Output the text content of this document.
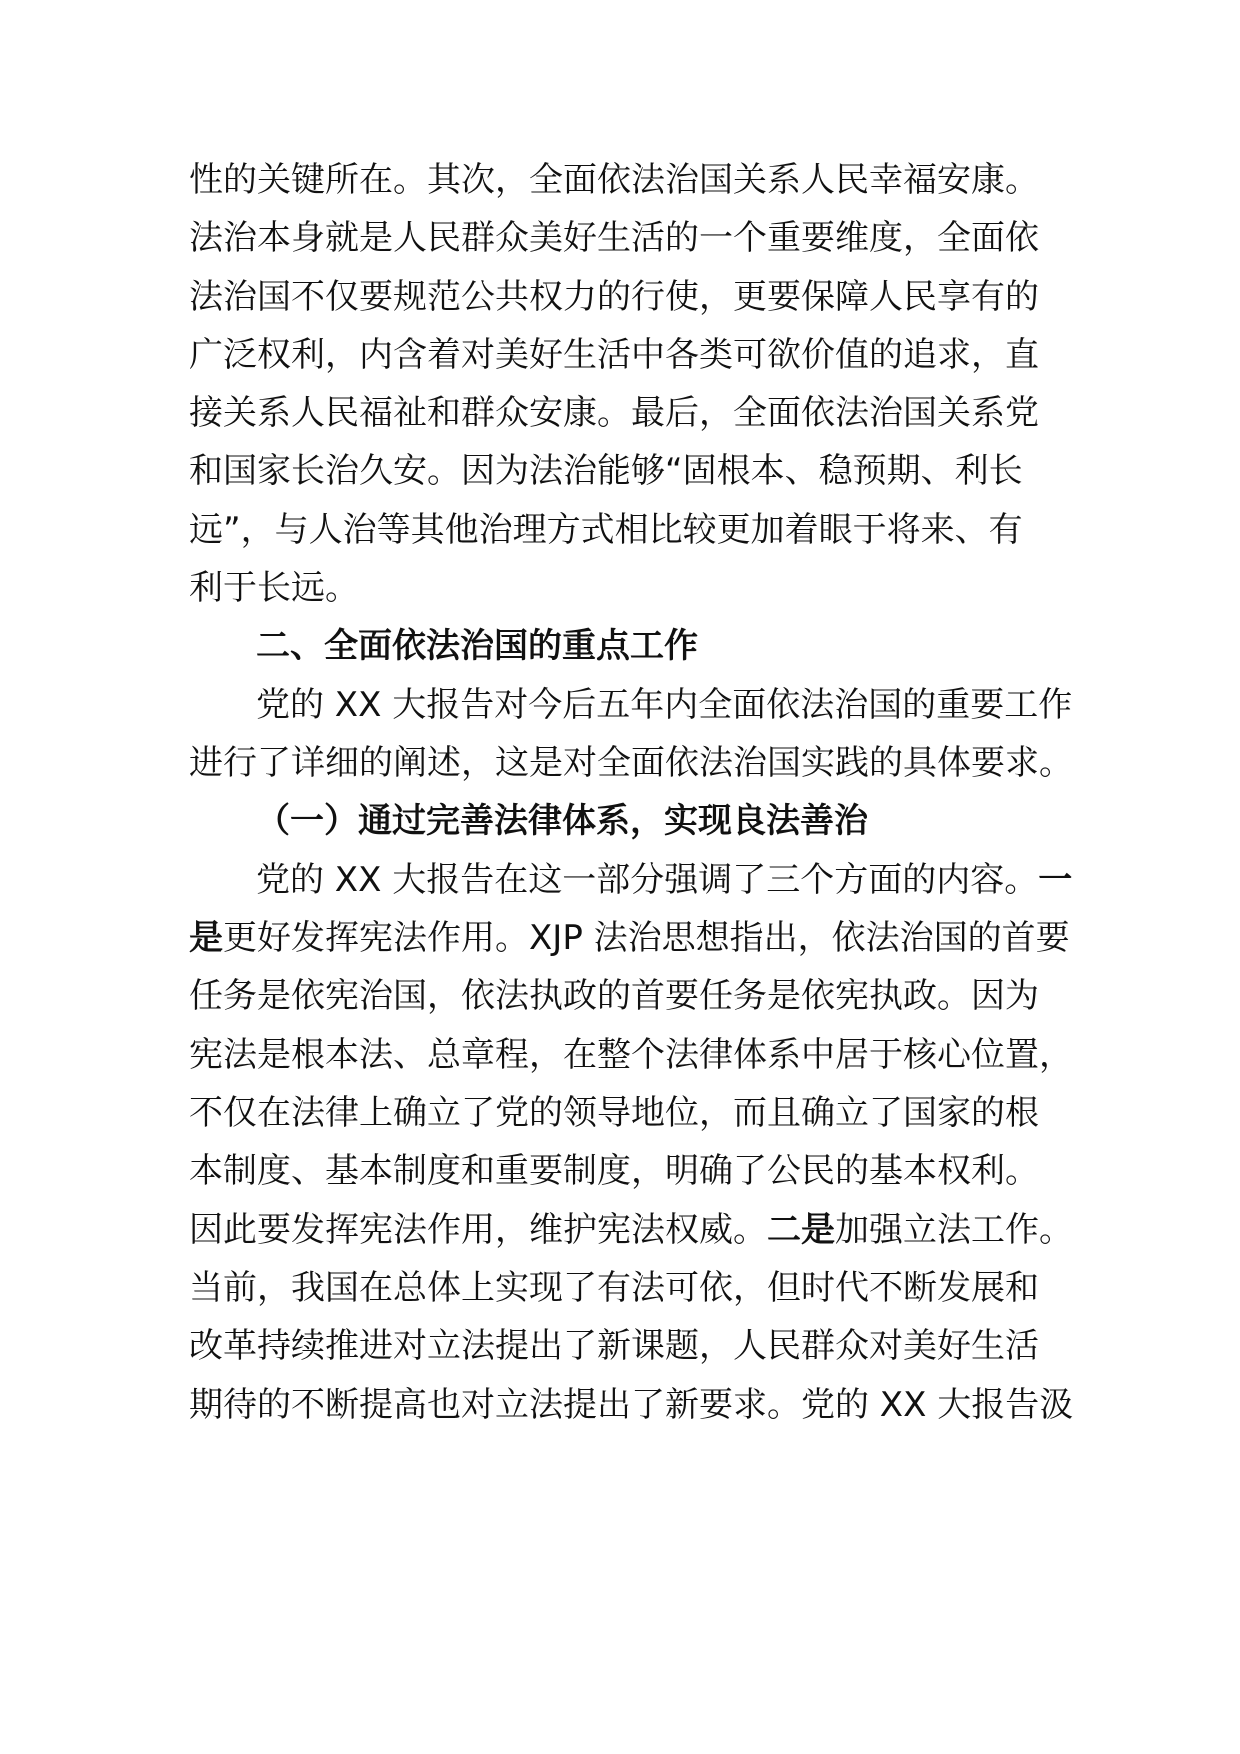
性的关键所在。其次，全面依法治国关系人民幸福安康。
法治本身就是人民群众美好生活的一个重要维度，全面依
法治国不仅要规范公共权力的行使，更要保障人民享有的
广泛权利，内含着对美好生活中各类可欲价值的追求，直
接关系人民福祉和群众安康。最后，全面依法治国关系党
和国家长治久安。因为法治能够“固根本、稳预期、利长
远”，与人治等其他治理方式相比较更加着眼于将来、有
利于长远。
二、全面依法治国的重点工作
党的 XX 大报告对今后五年内全面依法治国的重要工作
进行了详细的阐述，这是对全面依法治国实践的具体要求。
（一）通过完善法律体系，实现良法善治
党的 XX 大报告在这一部分强调了三个方面的内容。一
是更好发挥宪法作用。XJP 法治思想指出，依法治国的首要
任务是依宪治国，依法执政的首要任务是依宪执政。因为
宪法是根本法、总章程，在整个法律体系中居于核心位置，
不仅在法律上确立了党的领导地位，而且确立了国家的根
本制度、基本制度和重要制度，明确了公民的基本权利。
因此要发挥宪法作用，维护宪法权威。二是加强立法工作。
当前，我国在总体上实现了有法可依，但时代不断发展和
改革持续推进对立法提出了新课题，人民群众对美好生活
期待的不断提高也对立法提出了新要求。党的 XX 大报告汲
